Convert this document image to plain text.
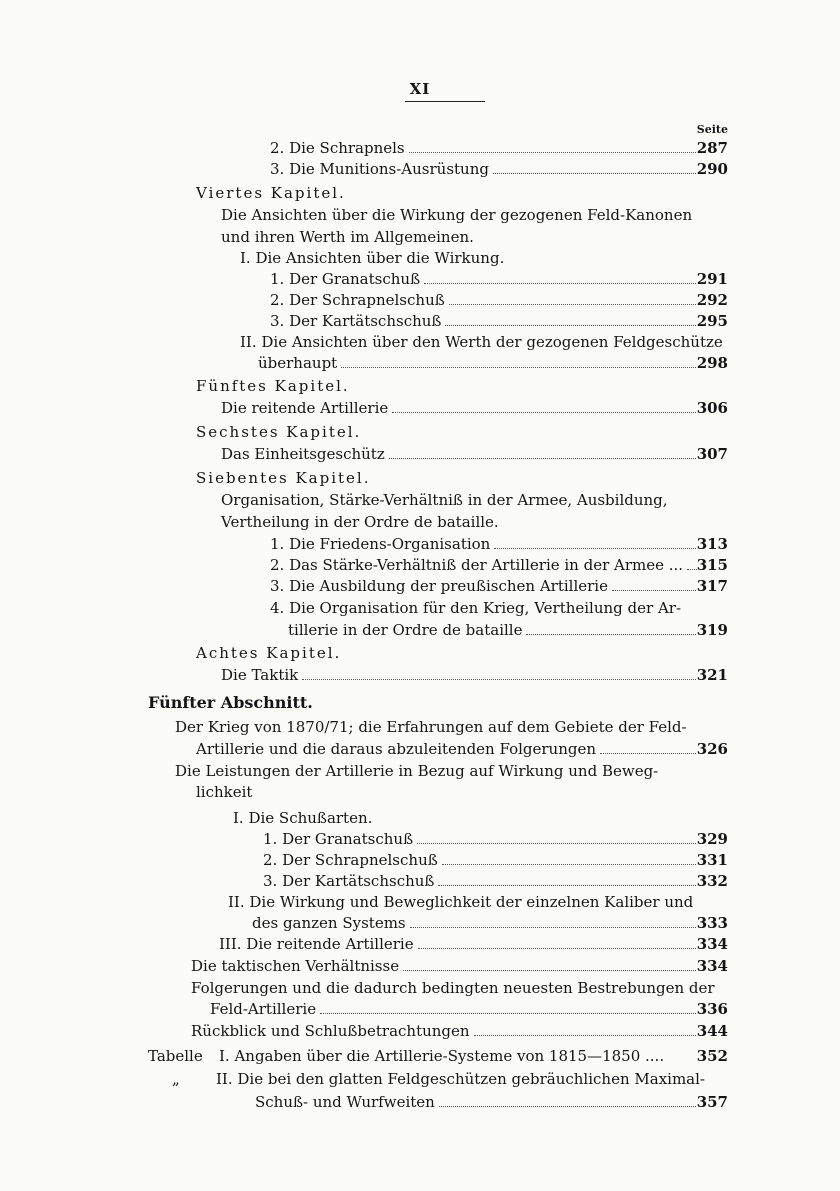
XI
Seite
2. Die Schrapnels	287
3. Die Munitions-Ausrüstung	290
Viertes Kapitel.
Die Ansichten über die Wirkung der gezogenen Feld-Kanonen
und ihren Werth im Allgemeinen.
I. Die Ansichten über die Wirkung.
1. Der Granatschuß	291
2. Der Schrapnelschuß	292
3. Der Kartätschschuß	295
II. Die Ansichten über den Werth der gezogenen Feldgeschütze
überhaupt	298
Fünftes Kapitel.
Die reitende Artillerie	306
Sechstes Kapitel.
Das Einheitsgeschütz	307
Siebentes Kapitel.
Organisation, Stärke-Verhältniß in der Armee, Ausbildung,
Vertheilung in der Ordre de bataille.
1. Die Friedens-Organisation	313
2. Das Stärke-Verhältniß der Artillerie in der Armee ... 315
3. Die Ausbildung der preußischen Artillerie	317
4. Die Organisation für den Krieg, Vertheilung der Ar-
tillerie in der Ordre de bataille	319
Achtes Kapitel.
Die Taktik	321
Fünfter Abschnitt.
Der Krieg von 1870/71; die Erfahrungen auf dem Gebiete der Feld-
Artillerie und die daraus abzuleitenden Folgerungen	326
Die Leistungen der Artillerie in Bezug auf Wirkung und Beweg-
lichkeit
I. Die Schußarten.
1. Der Granatschuß	329
2. Der Schrapnelschuß	331
3. Der Kartätschschuß	332
II. Die Wirkung und Beweglichkeit der einzelnen Kaliber und
des ganzen Systems	333
III. Die reitende Artillerie	334
Die taktischen Verhältnisse	334
Folgerungen und die dadurch bedingten neuesten Bestrebungen der
Feld-Artillerie	336
Rückblick und Schlußbetrachtungen	344
Tabelle I. Angaben über die Artillerie-Systeme von 1815—1850 ....	352
„ II. Die bei den glatten Feldgeschützen gebräuchlichen Maximal-
Schuß- und Wurfweiten	357
